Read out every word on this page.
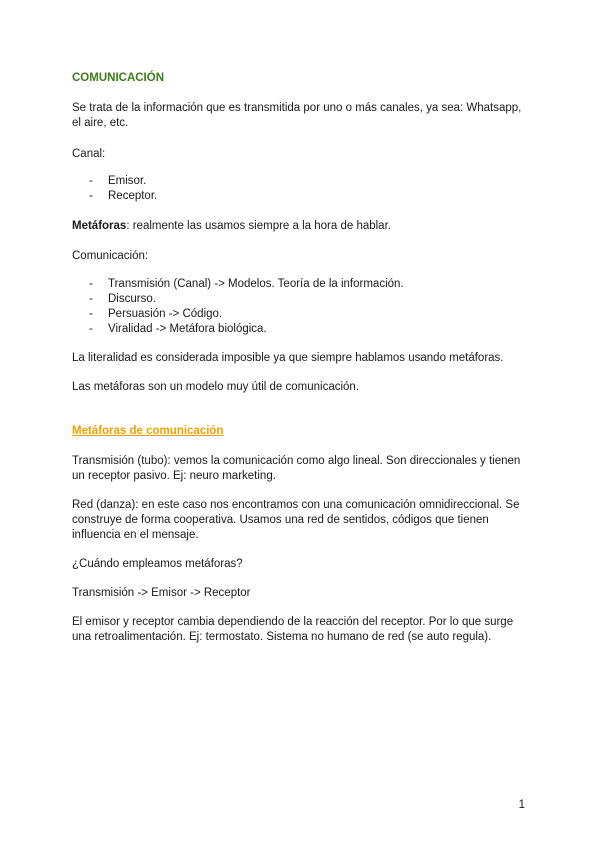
COMUNICACIÓN
Se trata de la información que es transmitida por uno o más canales, ya sea: Whatsapp, el aire, etc.
Canal:
- Emisor.
- Receptor.
Metáforas: realmente las usamos siempre a la hora de hablar.
Comunicación:
- Transmisión (Canal) -> Modelos. Teoría de la información.
- Discurso.
- Persuasión -> Código.
- Viralidad -> Metáfora biológica.
La literalidad es considerada imposible ya que siempre hablamos usando metáforas.
Las metáforas son un modelo muy útil de comunicación.
Metáforas de comunicación
Transmisión (tubo): vemos la comunicación como algo lineal. Son direccionales y tienen un receptor pasivo. Ej: neuro marketing.
Red (danza): en este caso nos encontramos con una comunicación omnidireccional. Se construye de forma cooperativa. Usamos una red de sentidos, códigos que tienen influencia en el mensaje.
¿Cuándo empleamos metáforas?
Transmisión -> Emisor -> Receptor
El emisor y receptor cambia dependiendo de la reacción del receptor. Por lo que surge una retroalimentación. Ej: termostato. Sistema no humano de red (se auto regula).
1
